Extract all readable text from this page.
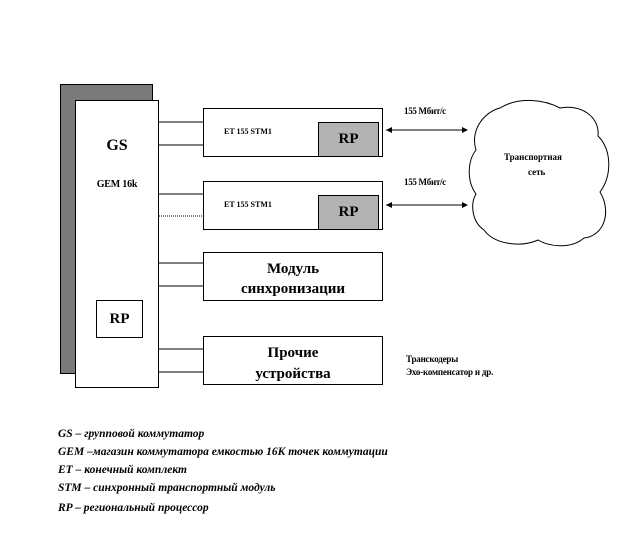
GS
GEM 16k
RP
ET 155 STM1	RP
ET 155 STM1	RP
Модуль
синхронизации
Прочие
устройства
155 Мбит/с
155 Мбит/с
Транспортная
сеть
Транскодеры
Эхо-компенсатор и др.
GS – групповой коммутатор
GEM –магазин коммутатора емкостью 16K точек коммутации
ET – конечный комплект
STM – синхронный транспортный модуль
RP – региональный процессор
